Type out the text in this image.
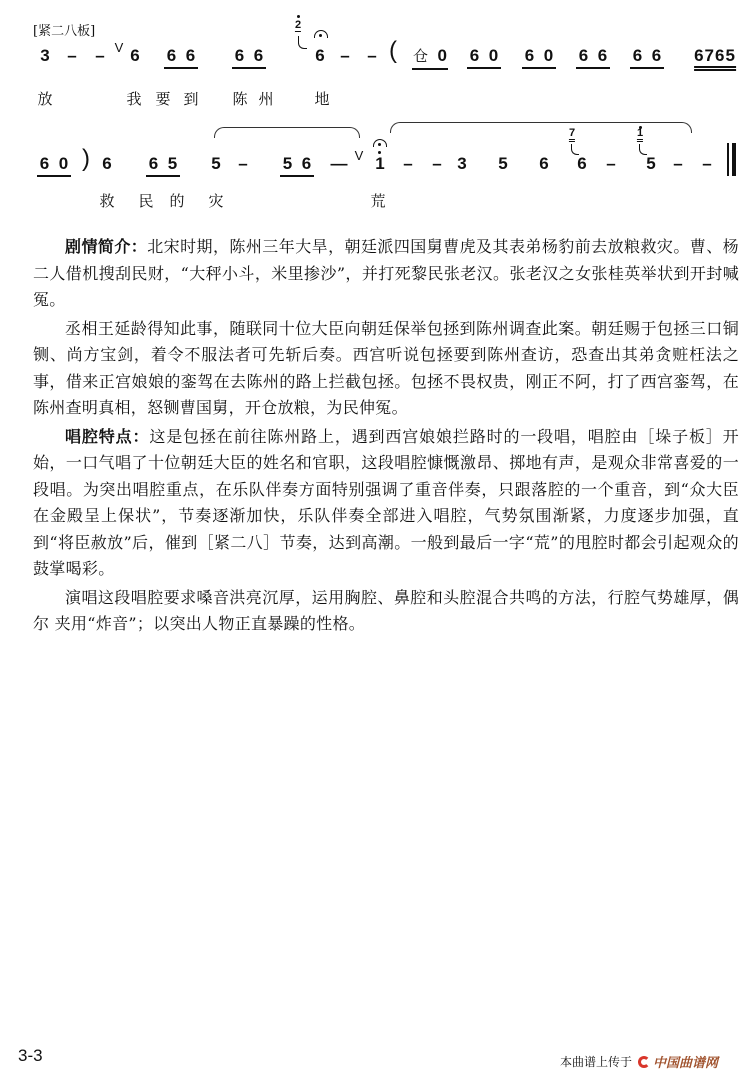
[紧二八板]
3 – – V 6 6 6 6 6
2
6 – – ( 仓 0 6 0 6 0 6 6 6 6 6765
放	我 要 到 陈 州	地
6 0 ) 6 6 5 5 – 5 6 — V 1 – – 3 5 6
7
6 –
1
5 – –
救 民 的 灾	荒

剧情简介：北宋时期，陈州三年大旱，朝廷派四国舅曹虎及其表弟杨豹前去放粮救灾。曹、杨二人借机搜刮民财，“大秤小斗，米里掺沙”，并打死黎民张老汉。张老汉之女张桂英举状到开封喊冤。

丞相王延龄得知此事，随联同十位大臣向朝廷保举包拯到陈州调查此案。朝廷赐于包拯三口铜铡、尚方宝剑，着令不服法者可先斩后奏。西宫听说包拯要到陈州查访，恐查出其弟贪赃枉法之事，借来正宫娘娘的銮驾在去陈州的路上拦截包拯。包拯不畏权贵，刚正不阿，打了西宫銮驾，在陈州查明真相，怒铡曹国舅，开仓放粮，为民伸冤。

唱腔特点：这是包拯在前往陈州路上，遇到西宫娘娘拦路时的一段唱，唱腔由［垛子板］开始，一口气唱了十位朝廷大臣的姓名和官职，这段唱腔慷慨激昂、掷地有声，是观众非常喜爱的一段唱。为突出唱腔重点，在乐队伴奏方面特别强调了重音伴奏，只跟落腔的一个重音，到“众大臣在金殿呈上保状”，节奏逐渐加快，乐队伴奏全部进入唱腔，气势氛围渐紧，力度逐步加强，直到“将臣赦放”后，催到［紧二八］节奏，达到高潮。一般到最后一字“荒”的甩腔时都会引起观众的鼓掌喝彩。

演唱这段唱腔要求嗓音洪亮沉厚，运用胸腔、鼻腔和头腔混合共鸣的方法，行腔气势雄厚，偶尔 夹用“炸音”；以突出人物正直暴躁的性格。

3-3	本曲谱上传于 中国曲谱网
